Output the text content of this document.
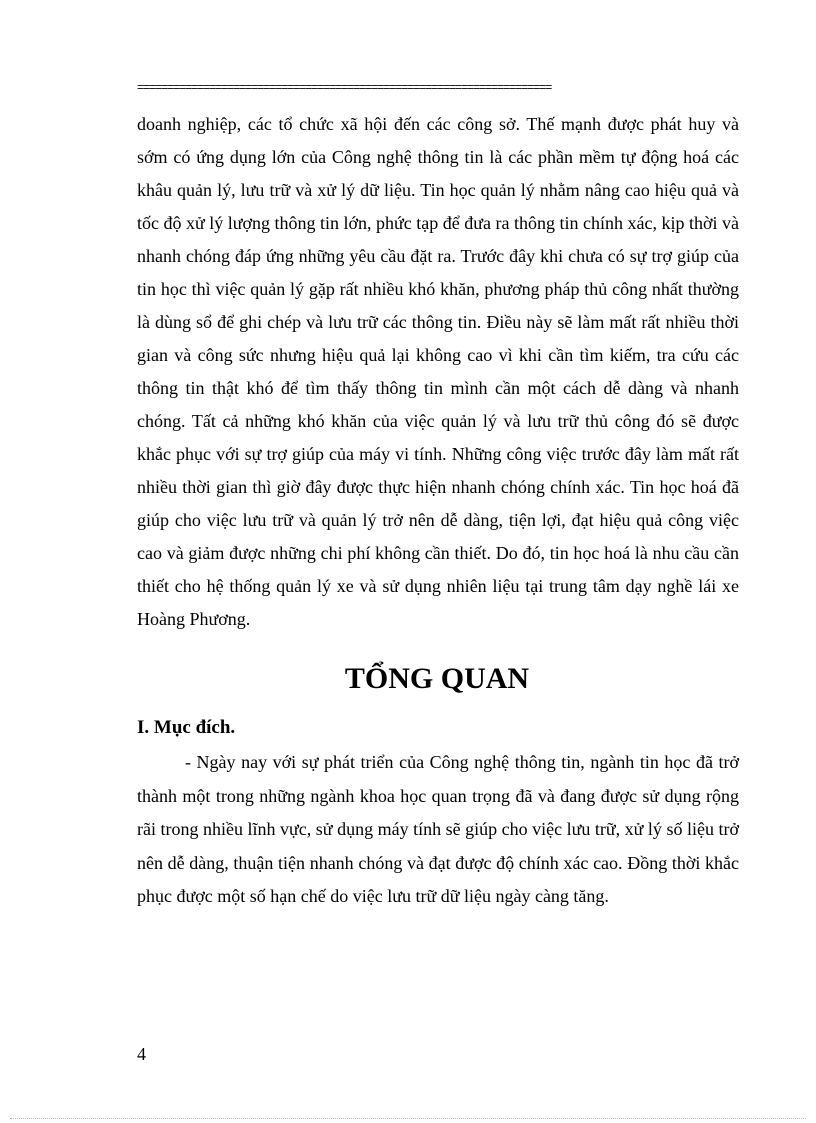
=====================================================================

doanh nghiệp, các tổ chức xã hội đến các công sở. Thế mạnh được phát huy và sớm có ứng dụng lớn của Công nghệ thông tin là các phần mềm tự động hoá các khâu quản lý, lưu trữ và xử lý dữ liệu. Tin học quản lý nhằm nâng cao hiệu quả và tốc độ xử lý lượng thông tin lớn, phức tạp để đưa ra thông tin chính xác, kịp thời và nhanh chóng đáp ứng những yêu cầu đặt ra. Trước đây khi chưa có sự trợ giúp của tin học thì việc quản lý gặp rất nhiều khó khăn, phương pháp thủ công nhất thường là dùng sổ để ghi chép và lưu trữ các thông tin. Điều này sẽ làm mất rất nhiều thời gian và công sức nhưng hiệu quả lại không cao vì khi cần tìm kiếm, tra cứu các thông tin thật khó để tìm thấy thông tin mình cần một cách dễ dàng và nhanh chóng. Tất cả những khó khăn của việc quản lý và lưu trữ thủ công đó sẽ được khắc phục với sự trợ giúp của máy vi tính. Những công việc trước đây làm mất rất nhiều thời gian thì giờ đây được thực hiện nhanh chóng chính xác. Tin học hoá đã giúp cho việc lưu trữ và quản lý trở nên dễ dàng, tiện lợi, đạt hiệu quả công việc cao và giảm được những chi phí không cần thiết. Do đó, tin học hoá là nhu cầu cần thiết cho hệ thống quản lý xe và sử dụng nhiên liệu tại trung tâm dạy nghề lái xe Hoàng Phương.

TỔNG QUAN
I. Mục đích.

- Ngày nay với sự phát triển của Công nghệ thông tin, ngành tin học đã trở thành một trong những ngành khoa học quan trọng đã và đang được sử dụng rộng rãi trong nhiều lĩnh vực, sử dụng máy tính sẽ giúp cho việc lưu trữ, xử lý số liệu trở nên dễ dàng, thuận tiện nhanh chóng và đạt được độ chính xác cao. Đồng thời khắc phục được một số hạn chế do việc lưu trữ dữ liệu ngày càng tăng.

4
